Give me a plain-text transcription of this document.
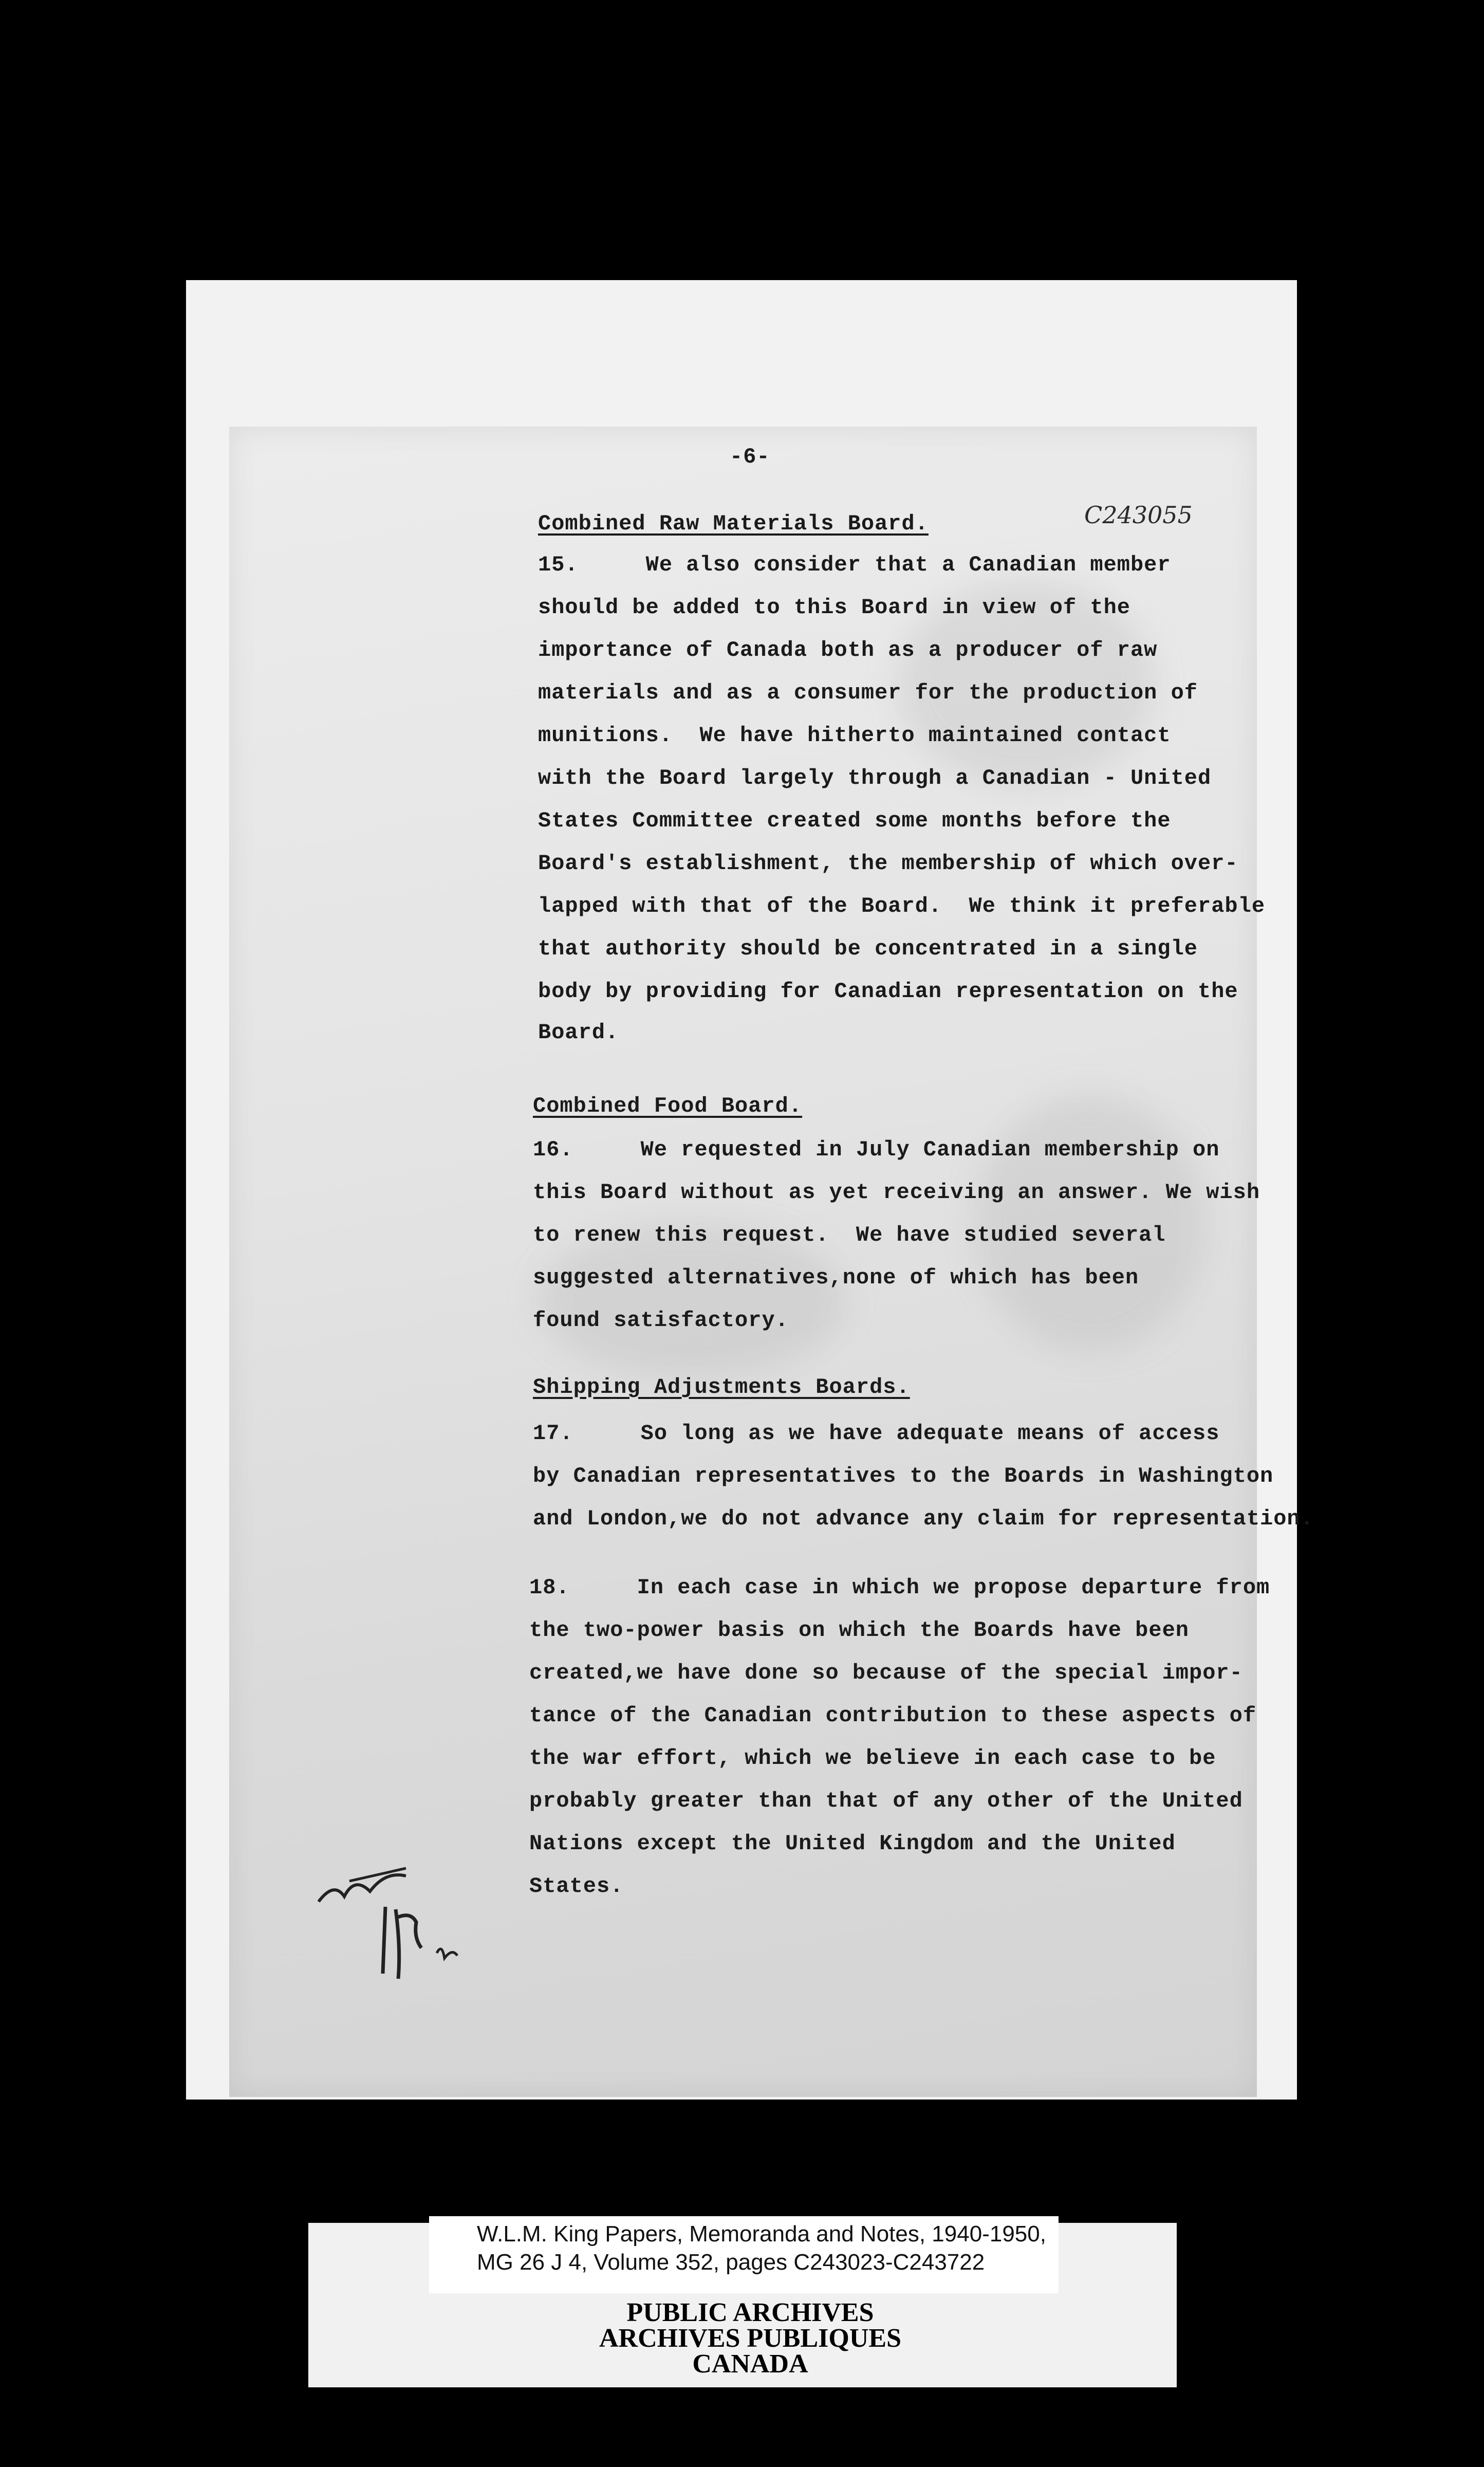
-6-
C243055
Combined Raw Materials Board.
15.     We also consider that a Canadian member
should be added to this Board in view of the
importance of Canada both as a producer of raw
materials and as a consumer for the production of
munitions.  We have hitherto maintained contact
with the Board largely through a Canadian - United
States Committee created some months before the
Board's establishment, the membership of which over-
lapped with that of the Board.  We think it preferable
that authority should be concentrated in a single
body by providing for Canadian representation on the
Board.
Combined Food Board.
16.     We requested in July Canadian membership on
this Board without as yet receiving an answer. We wish
to renew this request.  We have studied several
suggested alternatives,none of which has been
found satisfactory.
Shipping Adjustments Boards.
17.     So long as we have adequate means of access
by Canadian representatives to the Boards in Washington
and London,we do not advance any claim for representation.
18.     In each case in which we propose departure from
the two-power basis on which the Boards have been
created,we have done so because of the special impor-
tance of the Canadian contribution to these aspects of
the war effort, which we believe in each case to be
probably greater than that of any other of the United
Nations except the United Kingdom and the United
States.
W.L.M. King Papers, Memoranda and Notes, 1940-1950,
MG 26 J 4, Volume 352, pages C243023-C243722
PUBLIC ARCHIVES
ARCHIVES PUBLIQUES
CANADA
